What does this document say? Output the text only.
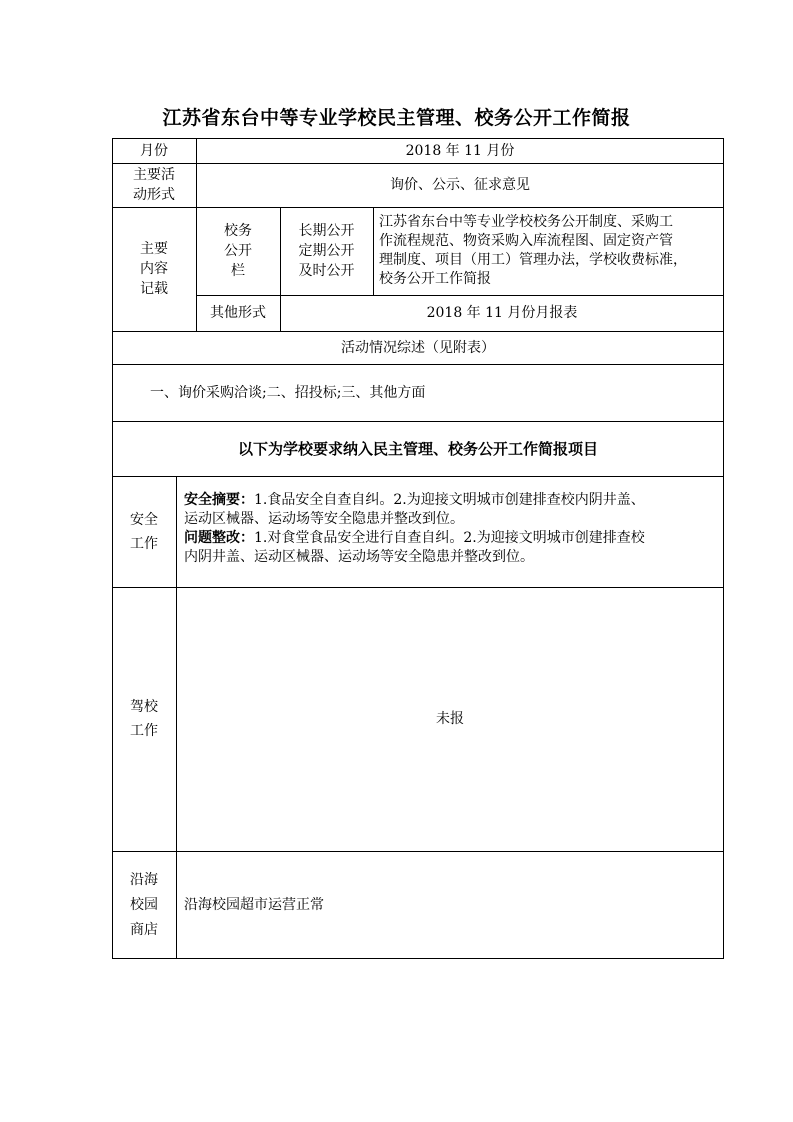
江苏省东台中等专业学校民主管理、校务公开工作简报
月份	2018 年 11 月份
主要活
动形式
询价、公示、征求意见
主要
内容
记载
校务
公开
栏
长期公开
定期公开
及时公开
江苏省东台中等专业学校校务公开制度、采购工
作流程规范、物资采购入库流程图、固定资产管
理制度、项目（用工）管理办法，学校收费标准，
校务公开工作简报
其他形式	2018 年 11 月份月报表
活动情况综述（见附表）
一、询价采购洽谈;二、招投标;三、其他方面
以下为学校要求纳入民主管理、校务公开工作简报项目
安全
工作
安全摘要：1.食品安全自查自纠。2.为迎接文明城市创建排查校内阴井盖、
运动区械器、运动场等安全隐患并整改到位。
问题整改：1.对食堂食品安全进行自查自纠。2.为迎接文明城市创建排查校
内阴井盖、运动区械器、运动场等安全隐患并整改到位。
驾校
工作
未报
沿海
校园
商店
沿海校园超市运营正常
